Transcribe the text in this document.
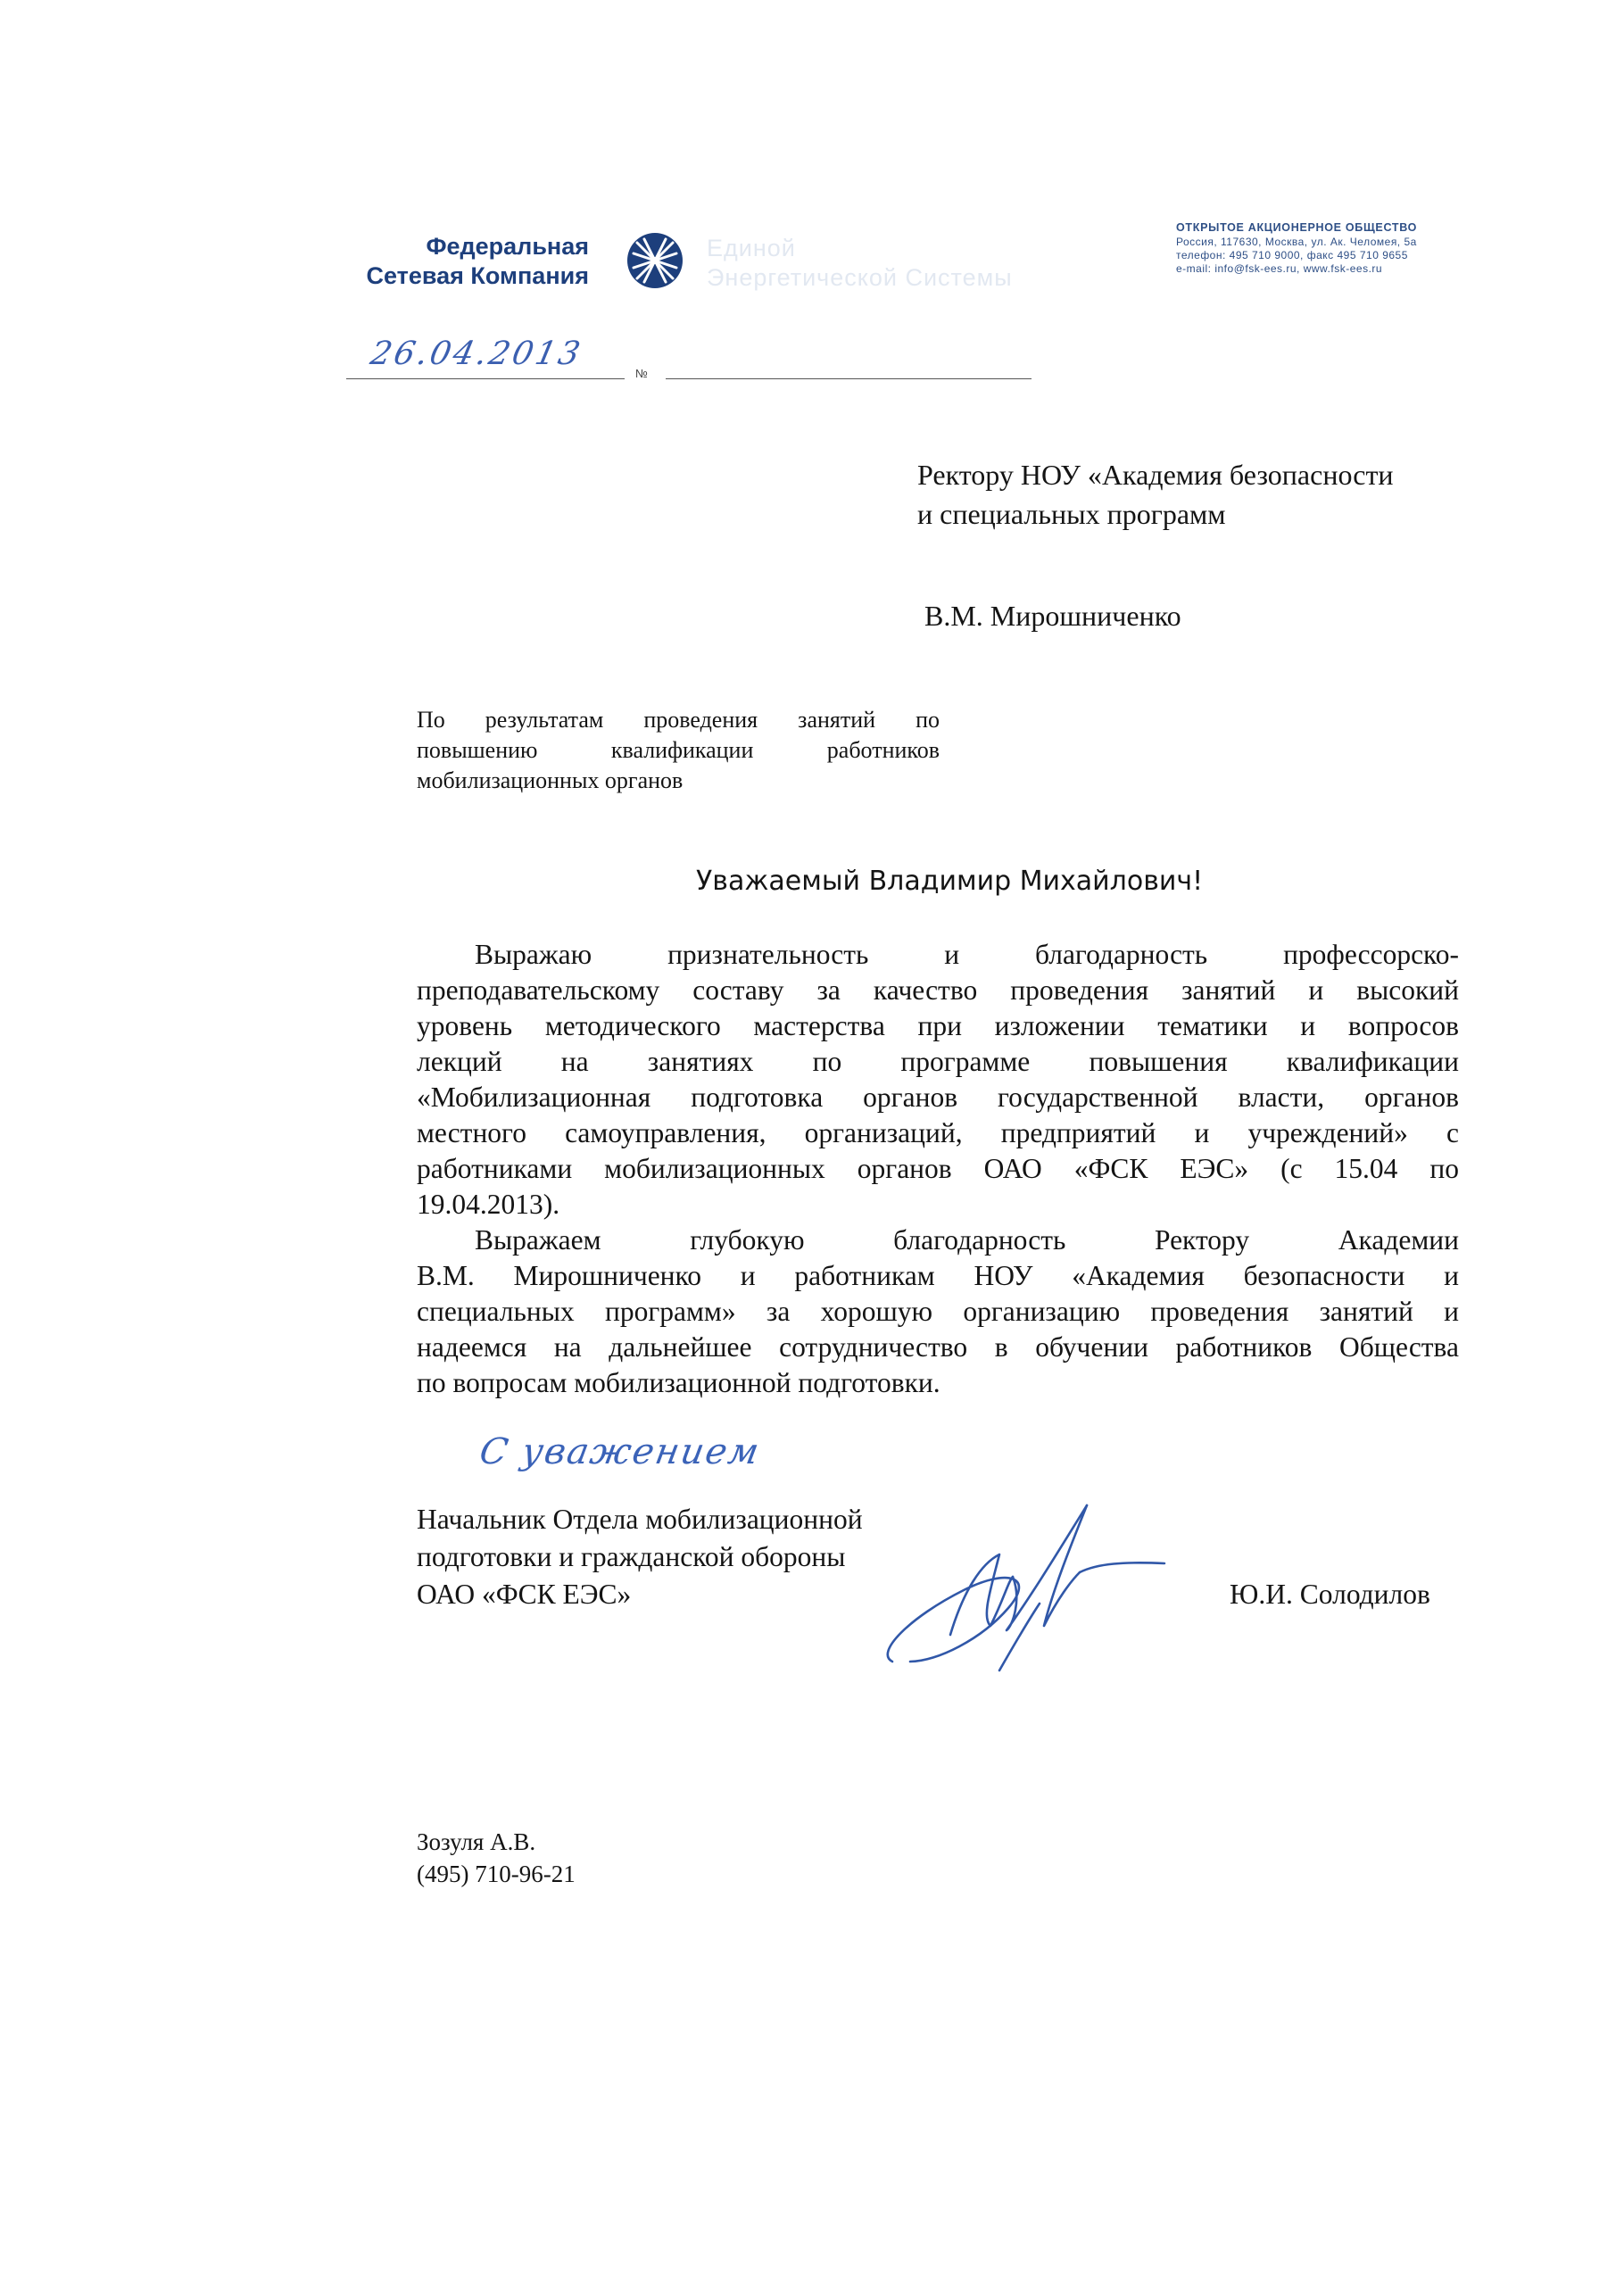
Федеральная
Сетевая Компания
Единой
Энергетической Системы
ОТКРЫТОЕ АКЦИОНЕРНОЕ ОБЩЕСТВО
Россия, 117630, Москва, ул. Ак. Челомея, 5а
телефон: 495 710 9000, факс 495 710 9655
e-mail: info@fsk-ees.ru, www.fsk-ees.ru
26.04.2013
№
Ректору НОУ «Академия безопасности
и специальных программ
В.М. Мирошниченко
По результатам проведения занятий по
повышению квалификации работников
мобилизационных органов
Уважаемый Владимир Михайлович!
Выражаю признательность и благодарность профессорско-
преподавательскому составу за качество проведения занятий и высокий
уровень методического мастерства при изложении тематики и вопросов
лекций на занятиях по программе повышения квалификации
«Мобилизационная подготовка органов государственной власти, органов
местного самоуправления, организаций, предприятий и учреждений» с
работниками мобилизационных органов ОАО «ФСК ЕЭС» (с 15.04 по
19.04.2013).
Выражаем глубокую благодарность Ректору Академии
В.М. Мирошниченко и работникам НОУ «Академия безопасности и
специальных программ» за хорошую организацию проведения занятий и
надеемся на дальнейшее сотрудничество в обучении работников Общества
по вопросам мобилизационной подготовки.
С уважением
Начальник Отдела мобилизационной
подготовки и гражданской обороны
ОАО «ФСК ЕЭС»	Ю.И. Солодилов
Зозуля А.В.
(495) 710-96-21
